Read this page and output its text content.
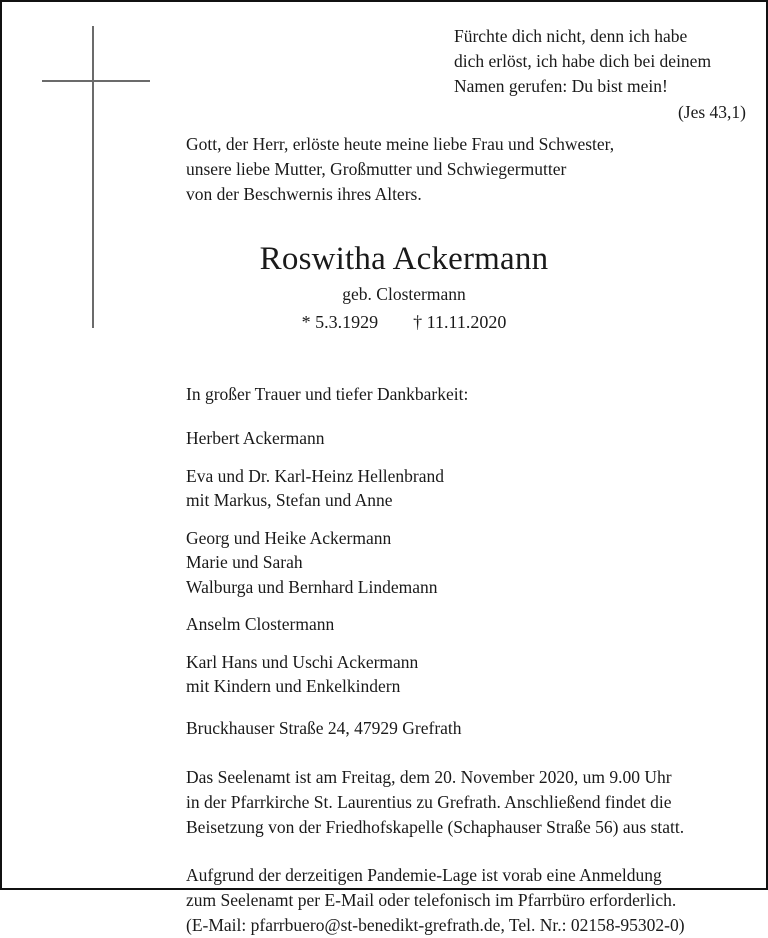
Fürchte dich nicht, denn ich habe
dich erlöst, ich habe dich bei deinem
Namen gerufen: Du bist mein!
(Jes 43,1)
Gott, der Herr, erlöste heute meine liebe Frau und Schwester,
unsere liebe Mutter, Großmutter und Schwiegermutter
von der Beschwernis ihres Alters.
Roswitha Ackermann
geb. Clostermann
* 5.3.1929 † 11.11.2020
In großer Trauer und tiefer Dankbarkeit:
Herbert Ackermann
Eva und Dr. Karl-Heinz Hellenbrand
mit Markus, Stefan und Anne
Georg und Heike Ackermann
Marie und Sarah
Walburga und Bernhard Lindemann
Anselm Clostermann
Karl Hans und Uschi Ackermann
mit Kindern und Enkelkindern
Bruckhauser Straße 24, 47929 Grefrath
Das Seelenamt ist am Freitag, dem 20. November 2020, um 9.00 Uhr
in der Pfarrkirche St. Laurentius zu Grefrath. Anschließend findet die
Beisetzung von der Friedhofskapelle (Schaphauser Straße 56) aus statt.
Aufgrund der derzeitigen Pandemie-Lage ist vorab eine Anmeldung
zum Seelenamt per E-Mail oder telefonisch im Pfarrbüro erforderlich.
(E-Mail: pfarrbuero@st-benedikt-grefrath.de, Tel. Nr.: 02158-95302-0)
